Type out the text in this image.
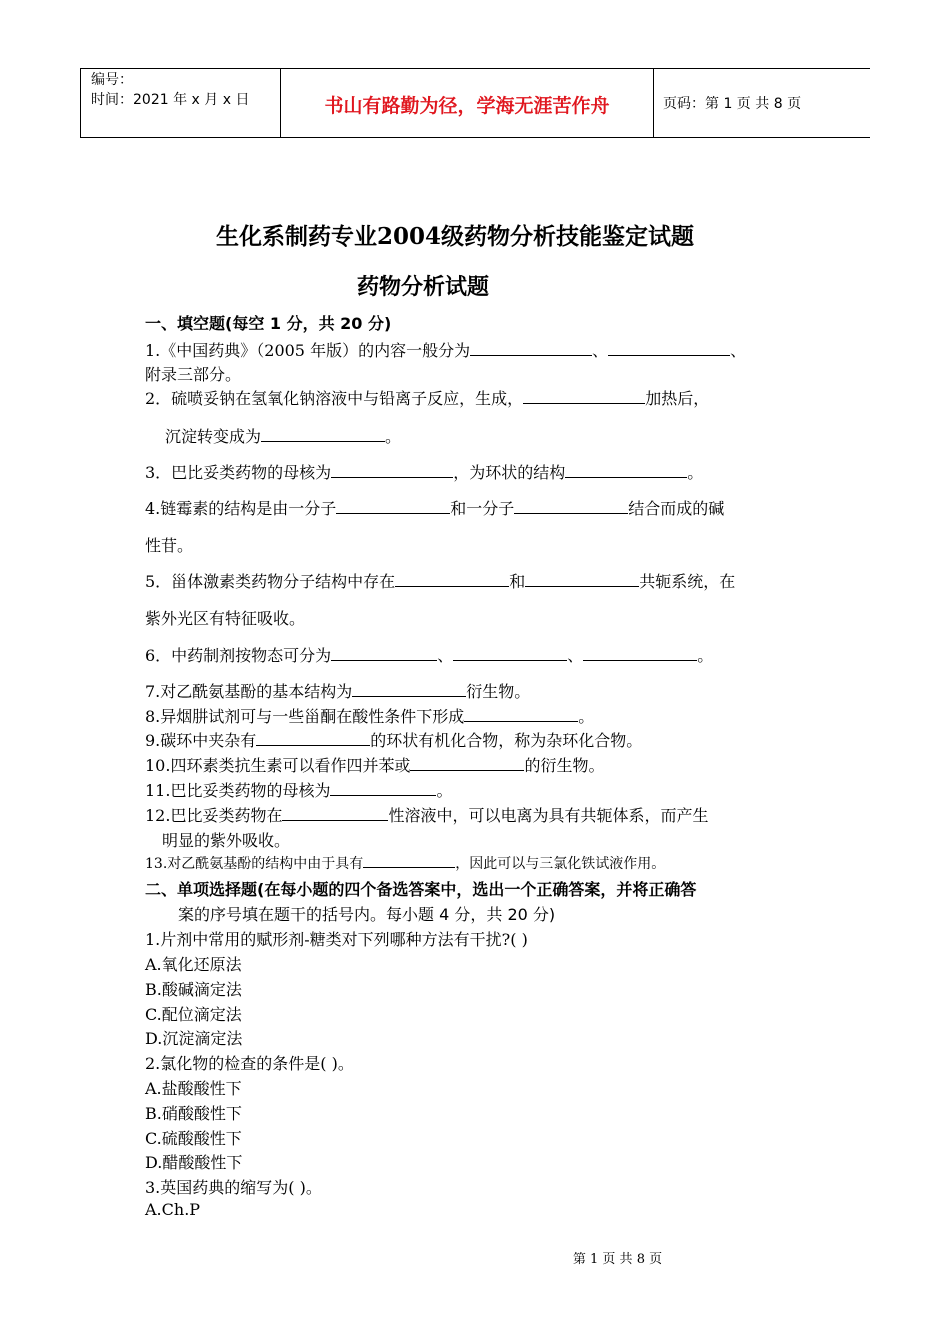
编号：
时间：2021 年 x 月 x 日	书山有路勤为径，学海无涯苦作舟	页码：第 1 页 共 8 页
生化系制药专业2004级药物分析技能鉴定试题
药物分析试题
一、填空题(每空 1 分，共 20 分)
1.《中国药典》（2005 年版）的内容一般分为	、	、
附录三部分。
2．硫喷妥钠在氢氧化钠溶液中与铅离子反应，生成，	加热后，
沉淀转变成为	。
3．巴比妥类药物的母核为	，为环状的结构	。
4.链霉素的结构是由一分子	和一分子	结合而成的碱
性苷。
5．甾体激素类药物分子结构中存在	和	共轭系统，在
紫外光区有特征吸收。
6．中药制剂按物态可分为	、	、	。
7.对乙酰氨基酚的基本结构为	衍生物。
8.异烟肼试剂可与一些甾酮在酸性条件下形成	。
9.碳环中夹杂有	的环状有机化合物，称为杂环化合物。
10.四环素类抗生素可以看作四并苯或	的衍生物。
11.巴比妥类药物的母核为	。
12.巴比妥类药物在	性溶液中，可以电离为具有共轭体系，而产生
明显的紫外吸收。
13.对乙酰氨基酚的结构中由于具有	，因此可以与三氯化铁试液作用。
二、单项选择题(在每小题的四个备选答案中，选出一个正确答案，并将正确答
案的序号填在题干的括号内。每小题 4 分，共 20 分)
1.片剂中常用的赋形剂-糖类对下列哪种方法有干扰?( )
A.氧化还原法
B.酸碱滴定法
C.配位滴定法
D.沉淀滴定法
2.氯化物的检查的条件是( )。
A.盐酸酸性下
B.硝酸酸性下
C.硫酸酸性下
D.醋酸酸性下
3.英国药典的缩写为( )。
A.Ch.P
第 1 页 共 8 页
